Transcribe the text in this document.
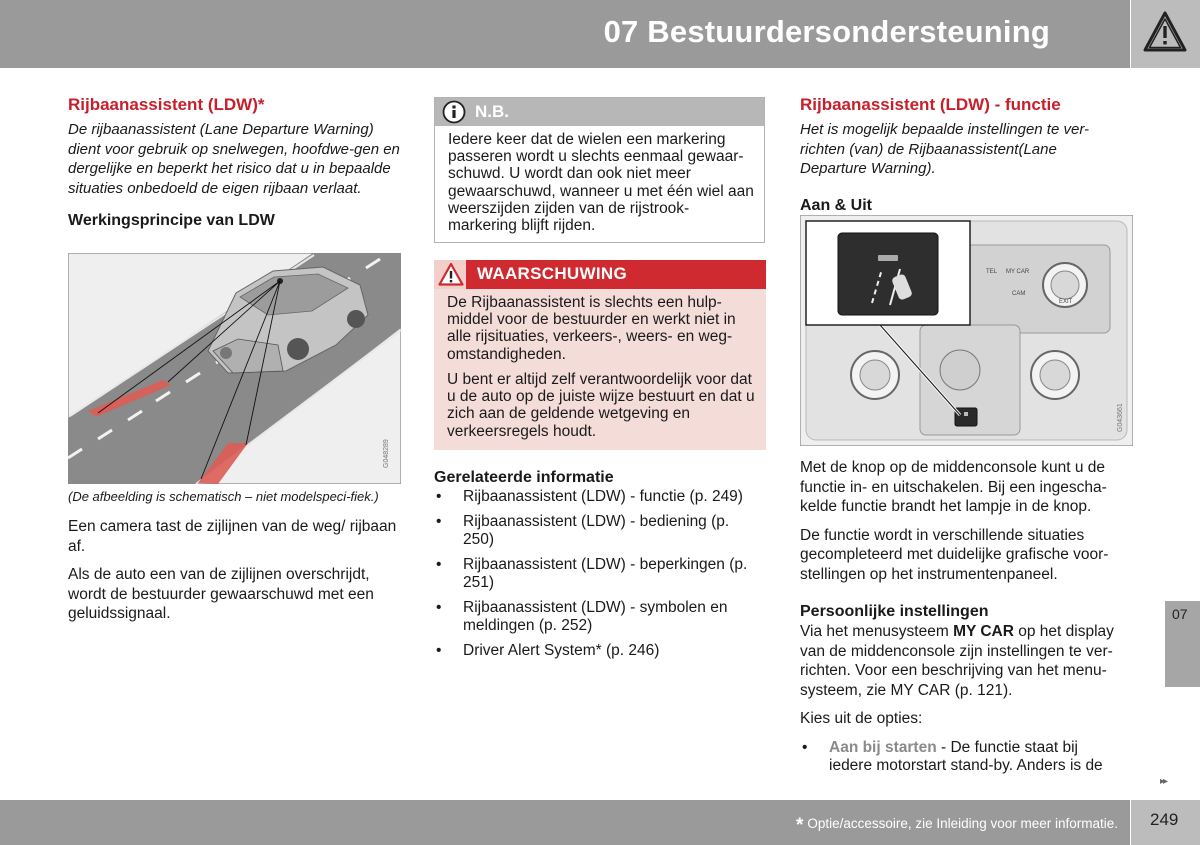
07 Bestuurdersondersteuning
Rijbaanassistent (LDW)*

De rijbaanassistent (Lane Departure Warning) dient voor gebruik op snelwegen, hoofdwe-gen en dergelijke en beperkt het risico dat u in bepaalde situaties onbedoeld de eigen rijbaan verlaat.

Werkingsprincipe van LDW
G048289
(De afbeelding is schematisch – niet modelspeci-fiek.)

Een camera tast de zijlijnen van de weg/ rijbaan af.

Als de auto een van de zijlijnen overschrijdt, wordt de bestuurder gewaarschuwd met een geluidssignaal.

N.B.
Iedere keer dat de wielen een markering passeren wordt u slechts eenmaal gewaar-schuwd. U wordt dan ook niet meer gewaarschuwd, wanneer u met één wiel aan weerszijden zijden van de rijstrook-markering blijft rijden.
WAARSCHUWING
De Rijbaanassistent is slechts een hulp-middel voor de bestuurder en werkt niet in alle rijsituaties, verkeers-, weers- en weg-omstandigheden.
U bent er altijd zelf verantwoordelijk voor dat u de auto op de juiste wijze bestuurt en dat u zich aan de geldende wetgeving en verkeersregels houdt.
Gerelateerde informatie
• Rijbaanassistent (LDW) - functie (p. 249)
• Rijbaanassistent (LDW) - bediening (p. 250)
• Rijbaanassistent (LDW) - beperkingen (p. 251)
• Rijbaanassistent (LDW) - symbolen en meldingen (p. 252)
• Driver Alert System* (p. 246)
Rijbaanassistent (LDW) - functie

Het is mogelijk bepaalde instellingen te ver-richten (van) de Rijbaanassistent(Lane Departure Warning).

Aan & Uit
TEL MY CAR
CAM
EXIT
G043661

Met de knop op de middenconsole kunt u de functie in- en uitschakelen. Bij een ingescha-kelde functie brandt het lampje in de knop.

De functie wordt in verschillende situaties gecompleteerd met duidelijke grafische voor-stellingen op het instrumentenpaneel.

Persoonlijke instellingen

Via het menusysteem MY CAR op het display van de middenconsole zijn instellingen te ver-richten. Voor een beschrijving van het menu-systeem, zie MY CAR (p. 121).

Kies uit de opties:

• Aan bij starten - De functie staat bij iedere motorstart stand-by. Anders is de
07
▸▸
* Optie/accessoire, zie Inleiding voor meer informatie. 249
